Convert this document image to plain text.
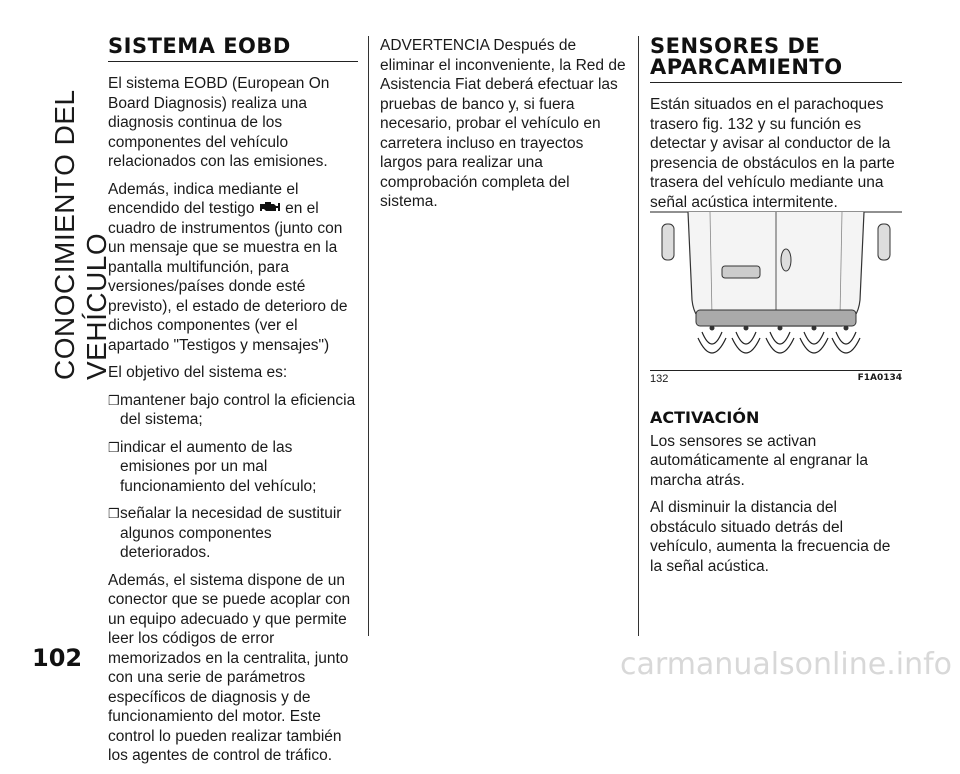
CONOCIMIENTO DEL VEHÍCULO
102
SISTEMA EOBD

El sistema EOBD (European On Board Diagnosis) realiza una diagnosis continua de los componentes del vehículo relacionados con las emisiones.

Además, indica mediante el encendido del testigo  en el cuadro de instrumentos (junto con un mensaje que se muestra en la pantalla multifunción, para versiones/países donde esté previsto), el estado de deterioro de dichos componentes (ver el apartado "Testigos y mensajes")

El objetivo del sistema es:

❒ mantener bajo control la eficiencia del sistema;
❒ indicar el aumento de las emisiones por un mal funcionamiento del vehículo;
❒ señalar la necesidad de sustituir algunos componentes deteriorados.

Además, el sistema dispone de un conector que se puede acoplar con un equipo adecuado y que permite leer los códigos de error memorizados en la centralita, junto con una serie de parámetros específicos de diagnosis y de funcionamiento del motor. Este control lo pueden realizar también los agentes de control de tráfico.

ADVERTENCIA Después de eliminar el inconveniente, la Red de Asistencia Fiat deberá efectuar las pruebas de banco y, si fuera necesario, probar el vehículo en carretera incluso en trayectos largos para realizar una comprobación completa del sistema.

SENSORES DE
APARCAMIENTO

Están situados en el parachoques trasero fig. 132 y su función es detectar y avisar al conductor de la presencia de obstáculos en la parte trasera del vehículo mediante una señal acústica intermitente.

132	F1A0134
ACTIVACIÓN

Los sensores se activan automáticamente al engranar la marcha atrás.

Al disminuir la distancia del obstáculo situado detrás del vehículo, aumenta la frecuencia de la señal acústica.

carmanualsonline.info
